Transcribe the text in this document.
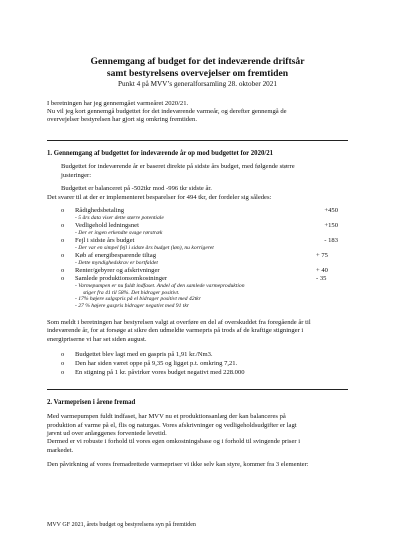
Gennemgang af budget for det indeværende driftsår
samt bestyrelsens overvejelser om fremtiden
Punkt 4 på MVV’s generalforsamling 28. oktober 2021

I beretningen har jeg gennemgået varmeåret 2020/21.

Nu vil jeg kort gennemgå budgettet for det indeværende varmeår, og derefter gennemgå de

overvejelser bestyrelsen har gjort sig omkring fremtiden.

1. Gennemgang af budgettet for indeværende år op mod budgettet for 2020/21

Budgettet for indeværende år er baseret direkte på sidste års budget, med følgende større

justeringer:

Budgettet er balanceret på -502tkr mod -996 tkr sidste år.

Det svarer til at der er implementeret besparelser for 494 tkr, der fordeler sig således:

o Rådighedsbetaling	+450
- 5 års data viser dette større potentiale
o Vedligehold ledningsnet	+150
- Der er ingen erkendte svage rørstræk
o Fejl i sidste års budget	- 183
- Der var en simpel fejl i sidste års budget (løn), nu korrigeret
o Køb af energibesparende tiltag	+ 75
- Dette myndighedskrav er bortfaldet
o Renter/gebyrer og afskrivninger	+ 40
o Samlede produktionsomkostninger	- 35
- Varmepumpen er nu fuldt indfaset. Andel af den samlede varmeproduktion
stiger fra 41 til 58%. Det bidrager positivt.
- 17% højere salgspris på el bidrager positivt med 42tkr
- 27 % højere gaspris bidrager negativt med 91 tkr

Som meldt i beretningen har bestyrelsen valgt at overføre en del af overskuddet fra foregående år til

indeværende år, for at forsøge at sikre den udmeldte varmepris på trods af de kraftige stigninger i

energipriserne vi har set siden august.

o Budgettet blev lagt med en gaspris på 1,91 kr./Nm3.
o Den har siden været oppe på 9,35 og ligget p.t. omkring 7,21.
o En stigning på 1 kr. påvirker vores budget negativt med 228.000
2. Varmeprisen i årene fremad

Med varmepumpen fuldt indfaset, har MVV nu et produktionsanlæg der kan balanceres på

produktion af varme på el, flis og naturgas. Vores afskrivninger og vedligeholdsudgifter er lagt

jævnt ud over anlæggenes forventede levetid.

Dermed er vi robuste i forhold til vores egen omkostningsbase og i forhold til svingende priser i

markedet.

Den påvirkning af vores fremadrettede varmepriser vi ikke selv kan styre, kommer fra 3 elementer:

MVV GF 2021, årets budget og bestyrelsens syn på fremtiden
